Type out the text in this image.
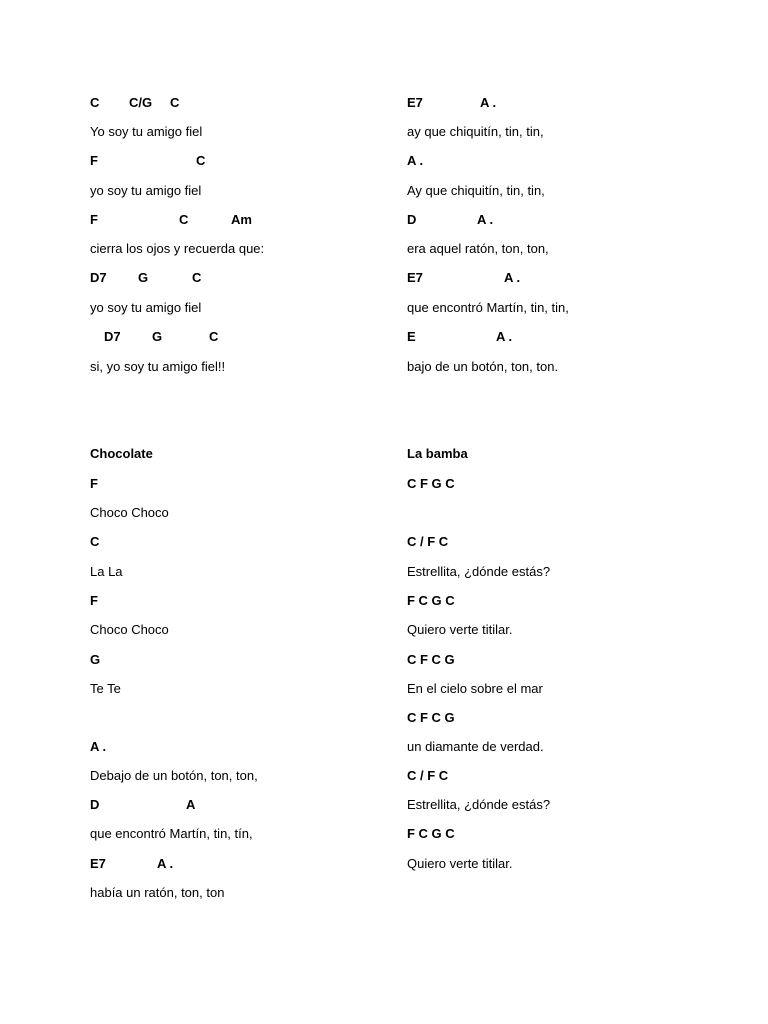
C C/G C
Yo soy tu amigo fiel
F	C
yo soy tu amigo fiel
F	C	Am
cierra los ojos y recuerda que:
D7 G	C
yo soy tu amigo fiel
D7 G	C
si, yo soy tu amigo fiel!!
Chocolate
F
Choco Choco
C
La La
F
Choco Choco
G
Te Te
A .
Debajo de un botón, ton, ton,
D	A
que encontró Martín, tin, tín,
E7	A .
había un ratón, ton, ton
E7	A .
ay que chiquitín, tin, tin,
A .
Ay que chiquitín, tin, tin,
D	A .
era aquel ratón, ton, ton,
E7	A .
que encontró Martín, tin, tin,
E	A .
bajo de un botón, ton, ton.
La bamba
C F G C
C / F C
Estrellita, ¿dónde estás?
F C G C
Quiero verte titilar.
C F C G
En el cielo sobre el mar
C F C G
un diamante de verdad.
C / F C
Estrellita, ¿dónde estás?
F C G C
Quiero verte titilar.
